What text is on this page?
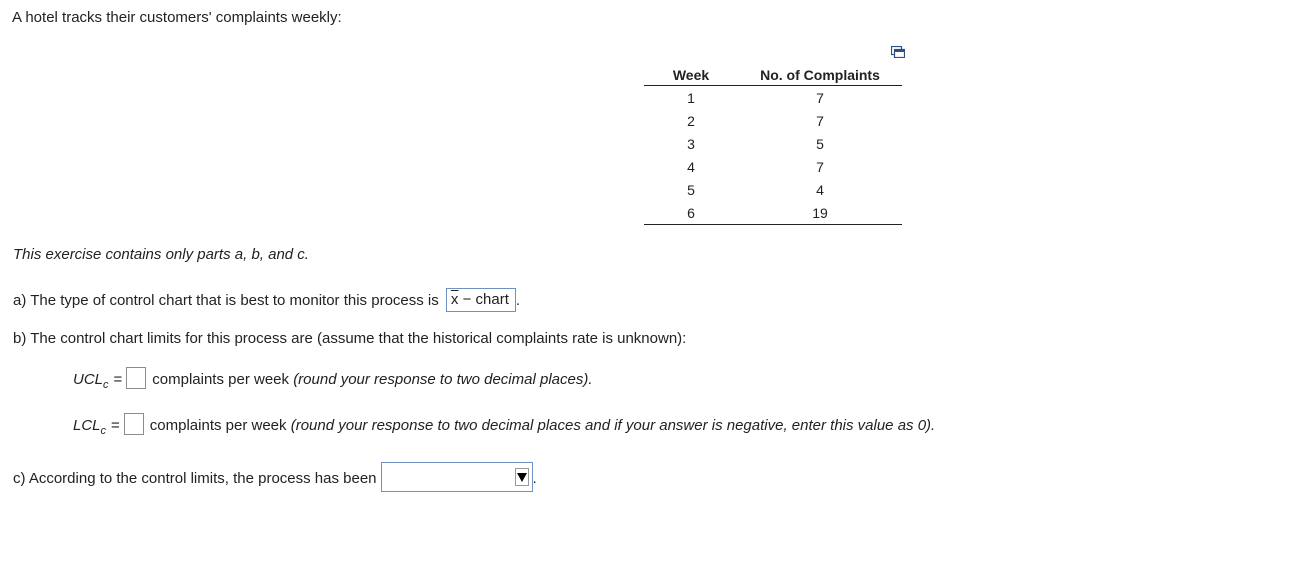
A hotel tracks their customers' complaints weekly:
Week	No. of Complaints
1	7
2	7
3	5
4	7
5	4
6	19
This exercise contains only parts a, b, and c.
a) The type of control chart that is best to monitor this process is $\overline{x}$ − chart .
b) The control chart limits for this process are (assume that the historical complaints rate is unknown):
$UCL_c$ = complaints per week (round your response to two decimal places).
$LCL_c$ = complaints per week (round your response to two decimal places and if your answer is negative, enter this value as 0).
c) According to the control limits, the process has been	.
